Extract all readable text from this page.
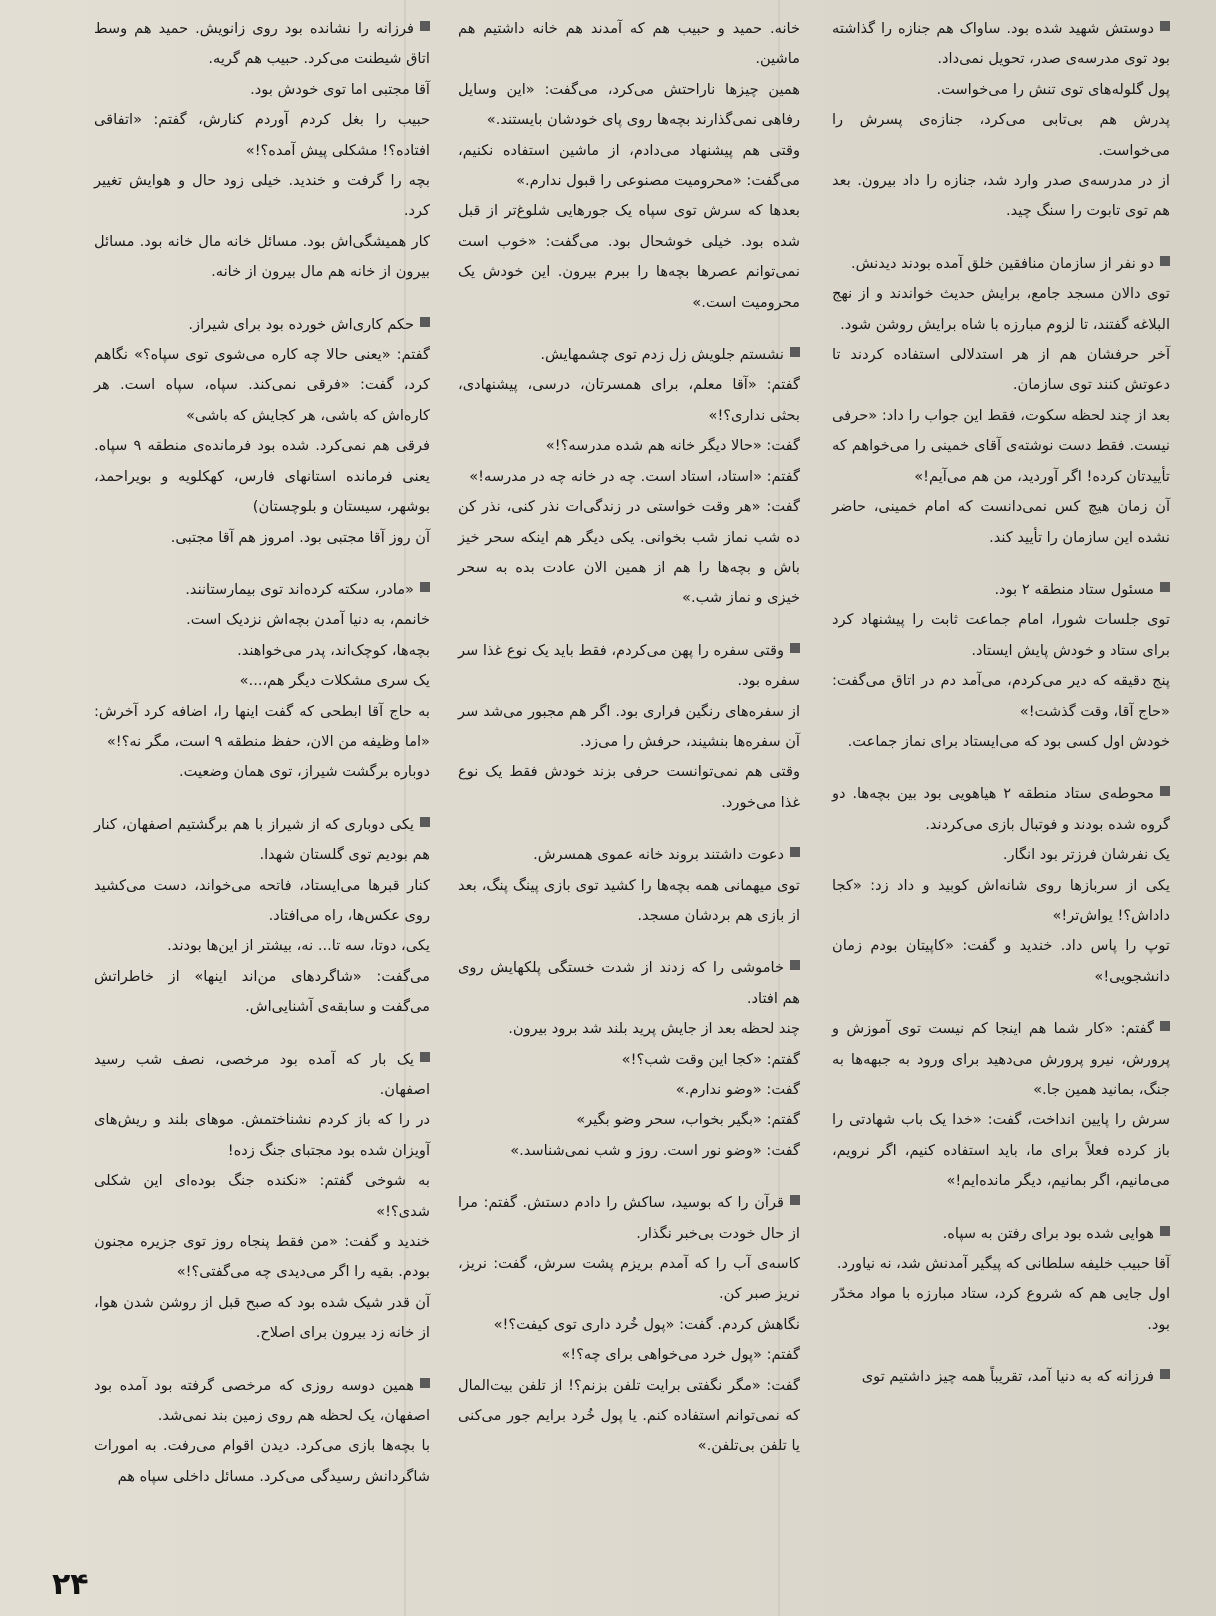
دوستش شهید شده بود. ساواک هم جنازه را گذاشته بود توی مدرسه‌ی صدر، تحویل نمی‌داد.

پول گلوله‌های توی تنش را می‌خواست.

پدرش هم بی‌تابی می‌کرد، جنازه‌ی پسرش را می‌خواست.

از در مدرسه‌ی صدر وارد شد، جنازه را داد بیرون. بعد هم توی تابوت را سنگ چید.

دو نفر از سازمان منافقین خلق آمده بودند دیدنش.

توی دالان مسجد جامع، برایش حدیث خواندند و از نهج البلاغه گفتند، تا لزوم مبارزه با شاه برایش روشن شود.

آخر حرفشان هم از هر استدلالی استفاده کردند تا دعوتش کنند توی سازمان.

بعد از چند لحظه سکوت، فقط این جواب را داد: «حرفی نیست. فقط دست نوشته‌ی آقای خمینی را می‌خواهم که تأییدتان کرده! اگر آوردید، من هم می‌آیم!»

آن زمان هیچ کس نمی‌دانست که امام خمینی، حاضر نشده این سازمان را تأیید کند.

مسئول ستاد منطقه ۲ بود.

توی جلسات شورا، امام جماعت ثابت را پیشنهاد کرد برای ستاد و خودش پایش ایستاد.

پنج دقیقه که دیر می‌کردم، می‌آمد دم در اتاق می‌گفت: «حاج آقا، وقت گذشت!»

خودش اول کسی بود که می‌ایستاد برای نماز جماعت.

محوطه‌ی ستاد منطقه ۲ هیاهویی بود بین بچه‌ها. دو گروه شده بودند و فوتبال بازی می‌کردند.

یک نفرشان فرزتر بود انگار.

یکی از سربازها روی شانه‌اش کوبید و داد زد: «کجا داداش؟! یواش‌تر!»

توپ را پاس داد. خندید و گفت: «کاپیتان بودم زمان دانشجویی!»

گفتم: «کار شما هم اینجا کم نیست توی آموزش و پرورش، نیرو پرورش می‌دهید برای ورود به جبهه‌ها به جنگ، بمانید همین جا.»

سرش را پایین انداخت، گفت: «خدا یک باب شهادتی را باز کرده فعلاً برای ما، باید استفاده کنیم، اگر نرویم، می‌مانیم، اگر بمانیم، دیگر مانده‌ایم!»

هوایی شده بود برای رفتن به سپاه.

آقا حبیب خلیفه سلطانی که پیگیر آمدنش شد، نه نیاورد.

اول جایی هم که شروع کرد، ستاد مبارزه با مواد مخدّر بود.

فرزانه که به دنیا آمد، تقریباً همه چیز داشتیم توی

خانه. حمید و حبیب هم که آمدند هم خانه داشتیم هم ماشین.

همین چیزها ناراحتش می‌کرد، می‌گفت: «این وسایل رفاهی نمی‌گذارند بچه‌ها روی پای خودشان بایستند.»

وقتی هم پیشنهاد می‌دادم، از ماشین استفاده نکنیم، می‌گفت: «محرومیت مصنوعی را قبول ندارم.»

بعدها که سرش توی سپاه یک جورهایی شلوغ‌تر از قبل شده بود. خیلی خوشحال بود. می‌گفت: «خوب است نمی‌توانم عصرها بچه‌ها را ببرم بیرون. این خودش یک محرومیت است.»

نشستم جلویش زل زدم توی چشمهایش.

گفتم: «آقا معلم، برای همسرتان، درسی، پیشنهادی، بحثی نداری؟!»

گفت: «حالا دیگر خانه هم شده مدرسه؟!»

گفتم: «استاد، استاد است. چه در خانه چه در مدرسه!»

گفت: «هر وقت خواستی در زندگی‌ات نذر کنی، نذر کن ده شب نماز شب بخوانی. یکی دیگر هم اینکه سحر خیز باش و بچه‌ها را هم از همین الان عادت بده به سحر خیزی و نماز شب.»

وقتی سفره را پهن می‌کردم، فقط باید یک نوع غذا سر سفره بود.

از سفره‌های رنگین فراری بود. اگر هم مجبور می‌شد سر آن سفره‌ها بنشیند، حرفش را می‌زد.

وقتی هم نمی‌توانست حرفی بزند خودش فقط یک نوع غذا می‌خورد.

دعوت داشتند بروند خانه عموی همسرش.

توی میهمانی همه بچه‌ها را کشید توی بازی پینگ پنگ، بعد از بازی هم بردشان مسجد.

خاموشی را که زدند از شدت خستگی پلکهایش روی هم افتاد.

چند لحظه بعد از جایش پرید بلند شد برود بیرون.

گفتم: «کجا این وقت شب؟!»

گفت: «وضو ندارم.»

گفتم: «بگیر بخواب، سحر وضو بگیر»

گفت: «وضو نور است. روز و شب نمی‌شناسد.»

قرآن را که بوسید، ساکش را دادم دستش. گفتم: مرا از حال خودت بی‌خبر نگذار.

کاسه‌ی آب را که آمدم بریزم پشت سرش، گفت: نریز، نریز صبر کن.

نگاهش کردم. گفت: «پول خُرد داری توی کیفت؟!»

گفتم: «پول خرد می‌خواهی برای چه؟!»

گفت: «مگر نگفتی برایت تلفن بزنم؟! از تلفن بیت‌المال که نمی‌توانم استفاده کنم. یا پول خُرد برایم جور می‌کنی یا تلفن بی‌تلفن.»

فرزانه را نشانده بود روی زانویش. حمید هم وسط اتاق شیطنت می‌کرد. حبیب هم گریه.

آقا مجتبی اما توی خودش بود.

حبیب را بغل کردم آوردم کنارش، گفتم: «اتفاقی افتاده؟! مشکلی پیش آمده؟!»

بچه را گرفت و خندید. خیلی زود حال و هوایش تغییر کرد.

کار همیشگی‌اش بود. مسائل خانه مال خانه بود. مسائل بیرون از خانه هم مال بیرون از خانه.

حکم کاری‌اش خورده بود برای شیراز.

گفتم: «یعنی حالا چه کاره می‌شوی توی سپاه؟» نگاهم کرد، گفت: «فرقی نمی‌کند. سپاه، سپاه است. هر کاره‌اش که باشی، هر کجایش که باشی»

فرقی هم نمی‌کرد. شده بود فرمانده‌ی منطقه ۹ سپاه. یعنی فرمانده استانهای فارس، کهکلویه و بویراحمد، بوشهر، سیستان و بلوچستان)

آن روز آقا مجتبی بود. امروز هم آقا مجتبی.

«مادر، سکته کرده‌اند توی بیمارستانند.

خانمم، به دنیا آمدن بچه‌اش نزدیک است.

بچه‌ها، کوچک‌اند، پدر می‌خواهند.

یک سری مشکلات دیگر هم،...»

به حاج آقا ابطحی که گفت اینها را، اضافه کرد آخرش: «اما وظیفه من الان، حفظ منطقه ۹ است، مگر نه؟!»

دوباره برگشت شیراز، توی همان وضعیت.

یکی دوباری که از شیراز با هم برگشتیم اصفهان، کنار هم بودیم توی گلستان شهدا.

کنار قبرها می‌ایستاد، فاتحه می‌خواند، دست می‌کشید روی عکس‌ها، راه می‌افتاد.

یکی، دوتا، سه تا... نه، بیشتر از این‌ها بودند.

می‌گفت: «شاگردهای من‌اند اینها» از خاطراتش می‌گفت و سابقه‌ی آشنایی‌اش.

یک بار که آمده بود مرخصی، نصف شب رسید اصفهان.

در را که باز کردم نشناختمش. موهای بلند و ریش‌های آویزان شده بود مجتبای جنگ زده!

به شوخی گفتم: «نکنده جنگ بوده‌ای این شکلی شدی؟!»

خندید و گفت: «من فقط پنجاه روز توی جزیره مجنون بودم. بقیه را اگر می‌دیدی چه می‌گفتی؟!»

آن قدر شیک شده بود که صبح قبل از روشن شدن هوا، از خانه زد بیرون برای اصلاح.

همین دوسه روزی که مرخصی گرفته بود آمده بود اصفهان، یک لحظه هم روی زمین بند نمی‌شد.

با بچه‌ها بازی می‌کرد. دیدن اقوام می‌رفت. به امورات شاگردانش رسیدگی می‌کرد. مسائل داخلی سپاه هم

۲۴
